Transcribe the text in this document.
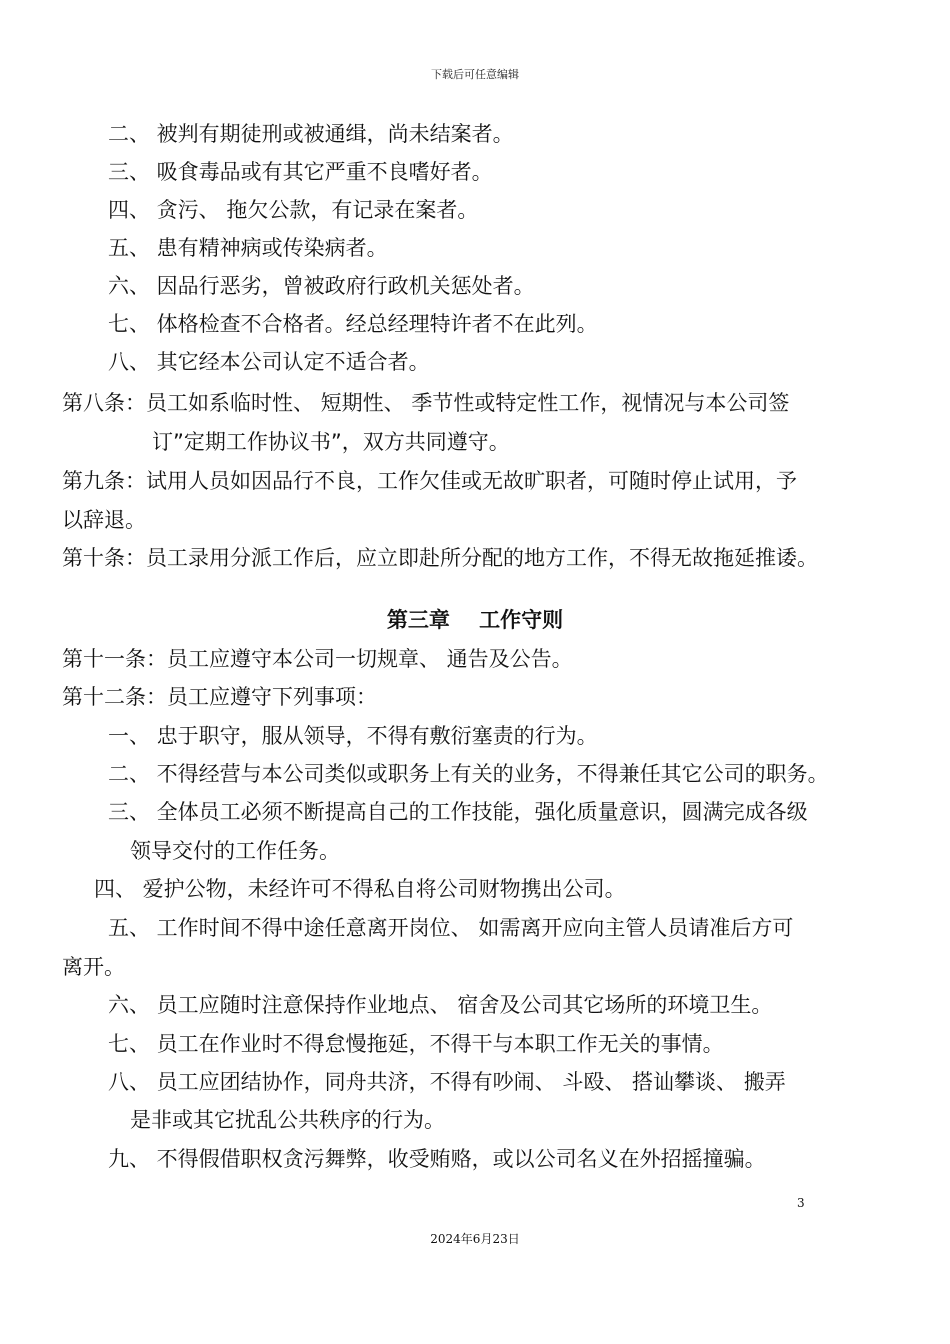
下载后可任意编辑
二、 被判有期徒刑或被通缉，尚未结案者。
三、 吸食毒品或有其它严重不良嗜好者。
四、 贪污、 拖欠公款，有记录在案者。
五、 患有精神病或传染病者。
六、 因品行恶劣，曾被政府行政机关惩处者。
七、 体格检查不合格者。经总经理特许者不在此列。
八、 其它经本公司认定不适合者。
第八条：员工如系临时性、 短期性、 季节性或特定性工作，视情况与本公司签
订”定期工作协议书”，双方共同遵守。
第九条：试用人员如因品行不良，工作欠佳或无故旷职者，可随时停止试用，予
以辞退。
第十条：员工录用分派工作后，应立即赴所分配的地方工作，不得无故拖延推诿。
第三章    工作守则
第十一条：员工应遵守本公司一切规章、 通告及公告。
第十二条：员工应遵守下列事项：
一、 忠于职守，服从领导，不得有敷衍塞责的行为。
二、 不得经营与本公司类似或职务上有关的业务，不得兼任其它公司的职务。
三、 全体员工必须不断提高自己的工作技能，强化质量意识，圆满完成各级
领导交付的工作任务。
四、 爱护公物，未经许可不得私自将公司财物携出公司。
五、 工作时间不得中途任意离开岗位、 如需离开应向主管人员请准后方可
离开。
六、 员工应随时注意保持作业地点、 宿舍及公司其它场所的环境卫生。
七、 员工在作业时不得怠慢拖延，不得干与本职工作无关的事情。
八、 员工应团结协作，同舟共济，不得有吵闹、 斗殴、 搭讪攀谈、 搬弄
是非或其它扰乱公共秩序的行为。
九、 不得假借职权贪污舞弊，收受贿赂，或以公司名义在外招摇撞骗。
3
2024年6月23日
